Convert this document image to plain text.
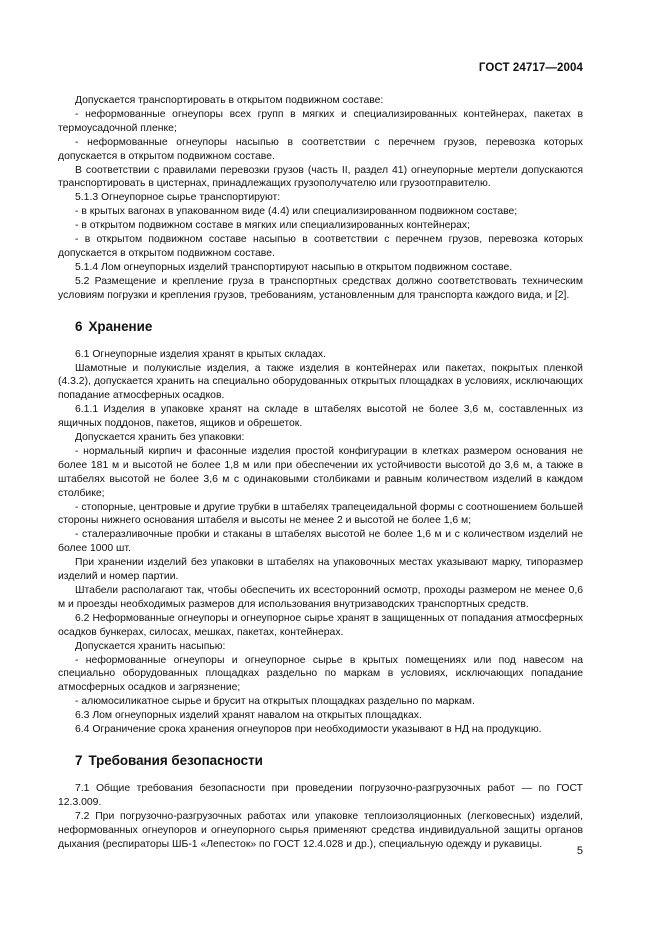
ГОСТ 24717—2004

Допускается транспортировать в открытом подвижном составе:

- неформованные огнеупоры всех групп в мягких и специализированных контейнерах, пакетах в термоусадочной пленке;

- неформованные огнеупоры насыпью в соответствии с перечнем грузов, перевозка которых допускается в открытом подвижном составе.

В соответствии с правилами перевозки грузов (часть II, раздел 41) огнеупорные мертели допускаются транспортировать в цистернах, принадлежащих грузополучателю или грузоотправителю.

5.1.3 Огнеупорное сырье транспортируют:

- в крытых вагонах в упакованном виде (4.4) или специализированном подвижном составе;

- в открытом подвижном составе в мягких или специализированных контейнерах;

- в открытом подвижном составе насыпью в соответствии с перечнем грузов, перевозка которых допускается в открытом подвижном составе.

5.1.4 Лом огнеупорных изделий транспортируют насыпью в открытом подвижном составе.

5.2 Размещение и крепление груза в транспортных средствах должно соответствовать техническим условиям погрузки и крепления грузов, требованиям, установленным для транспорта каждого вида, и [2].

6 Хранение

6.1 Огнеупорные изделия хранят в крытых складах.

Шамотные и полукислые изделия, а также изделия в контейнерах или пакетах, покрытых пленкой (4.3.2), допускается хранить на специально оборудованных открытых площадках в условиях, исключающих попадание атмосферных осадков.

6.1.1 Изделия в упаковке хранят на складе в штабелях высотой не более 3,6 м, составленных из ящичных поддонов, пакетов, ящиков и обрешеток.

Допускается хранить без упаковки:

- нормальный кирпич и фасонные изделия простой конфигурации в клетках размером основания не более 181 м и высотой не более 1,8 м или при обеспечении их устойчивости высотой до 3,6 м, а также в штабелях высотой не более 3,6 м с одинаковыми столбиками и равным количеством изделий в каждом столбике;

- стопорные, центровые и другие трубки в штабелях трапецеидальной формы с соотношением большей стороны нижнего основания штабеля и высоты не менее 2 и высотой не более 1,6 м;

- сталеразливочные пробки и стаканы в штабелях высотой не более 1,6 м и с количеством изделий не более 1000 шт.

При хранении изделий без упаковки в штабелях на упаковочных местах указывают марку, типоразмер изделий и номер партии.

Штабели располагают так, чтобы обеспечить их всесторонний осмотр, проходы размером не менее 0,6 м и проезды необходимых размеров для использования внутризаводских транспортных средств.

6.2 Неформованные огнеупоры и огнеупорное сырье хранят в защищенных от попадания атмосферных осадков бункерах, силосах, мешках, пакетах, контейнерах.

Допускается хранить насыпью:

- неформованные огнеупоры и огнеупорное сырье в крытых помещениях или под навесом на специально оборудованных площадках раздельно по маркам в условиях, исключающих попадание атмосферных осадков и загрязнение;

- алюмосиликатное сырье и брусит на открытых площадках раздельно по маркам.

6.3 Лом огнеупорных изделий хранят навалом на открытых площадках.

6.4 Ограничение срока хранения огнеупоров при необходимости указывают в НД на продукцию.

7 Требования безопасности

7.1 Общие требования безопасности при проведении погрузочно-разгрузочных работ — по ГОСТ 12.3.009.

7.2 При погрузочно-разгрузочных работах или упаковке теплоизоляционных (легковесных) изделий, неформованных огнеупоров и огнеупорного сырья применяют средства индивидуальной защиты органов дыхания (респираторы ШБ-1 «Лепесток» по ГОСТ 12.4.028 и др.), специальную одежду и рукавицы.

5
